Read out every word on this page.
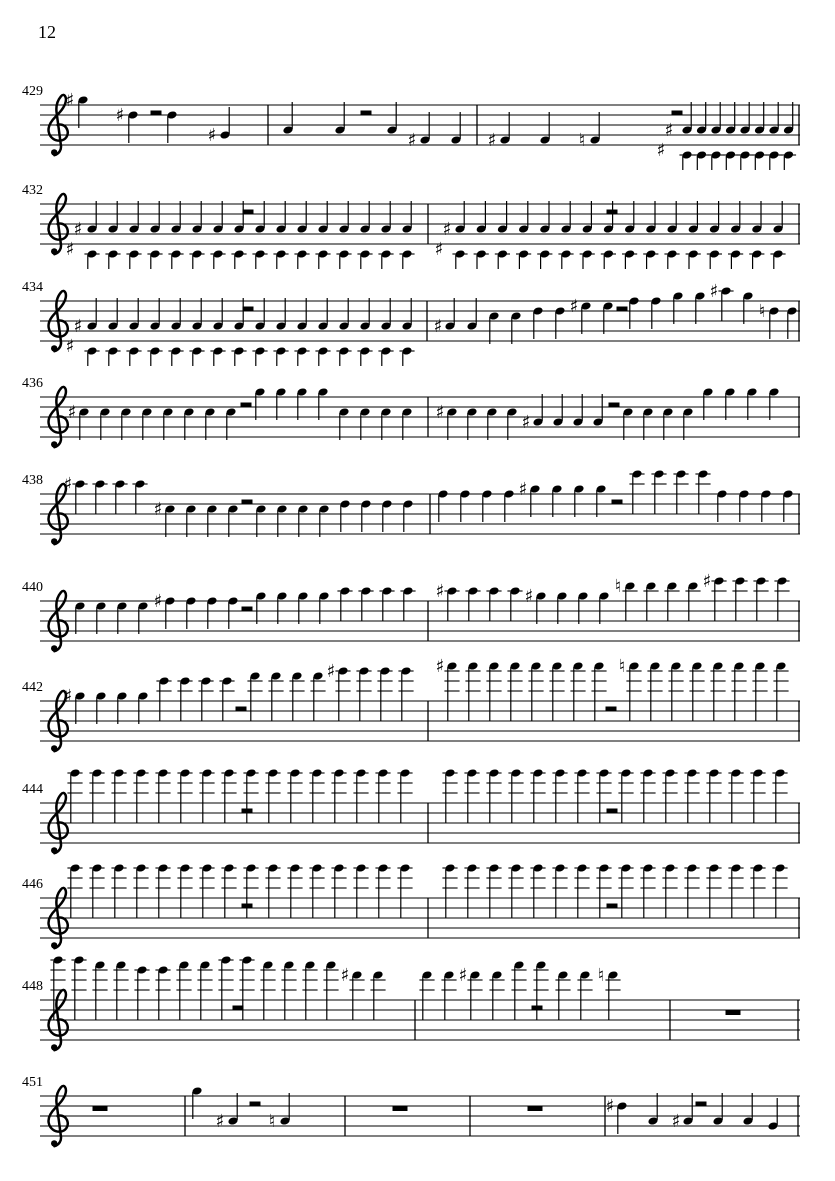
12
429 ♯
♯
♯	♯	♯	♮	♯
♯
432
♯
♯
♯
♯
434
♯
♯
♯
♯
♯
♮
436
♯	♯	♯
438 ♯
♯
♯
440
♯	♯	♯	♮	♯
442 ♯
♯	♯	♮
444
446
448
♯	♯	♮
451
♯ ♮
♯
♯
